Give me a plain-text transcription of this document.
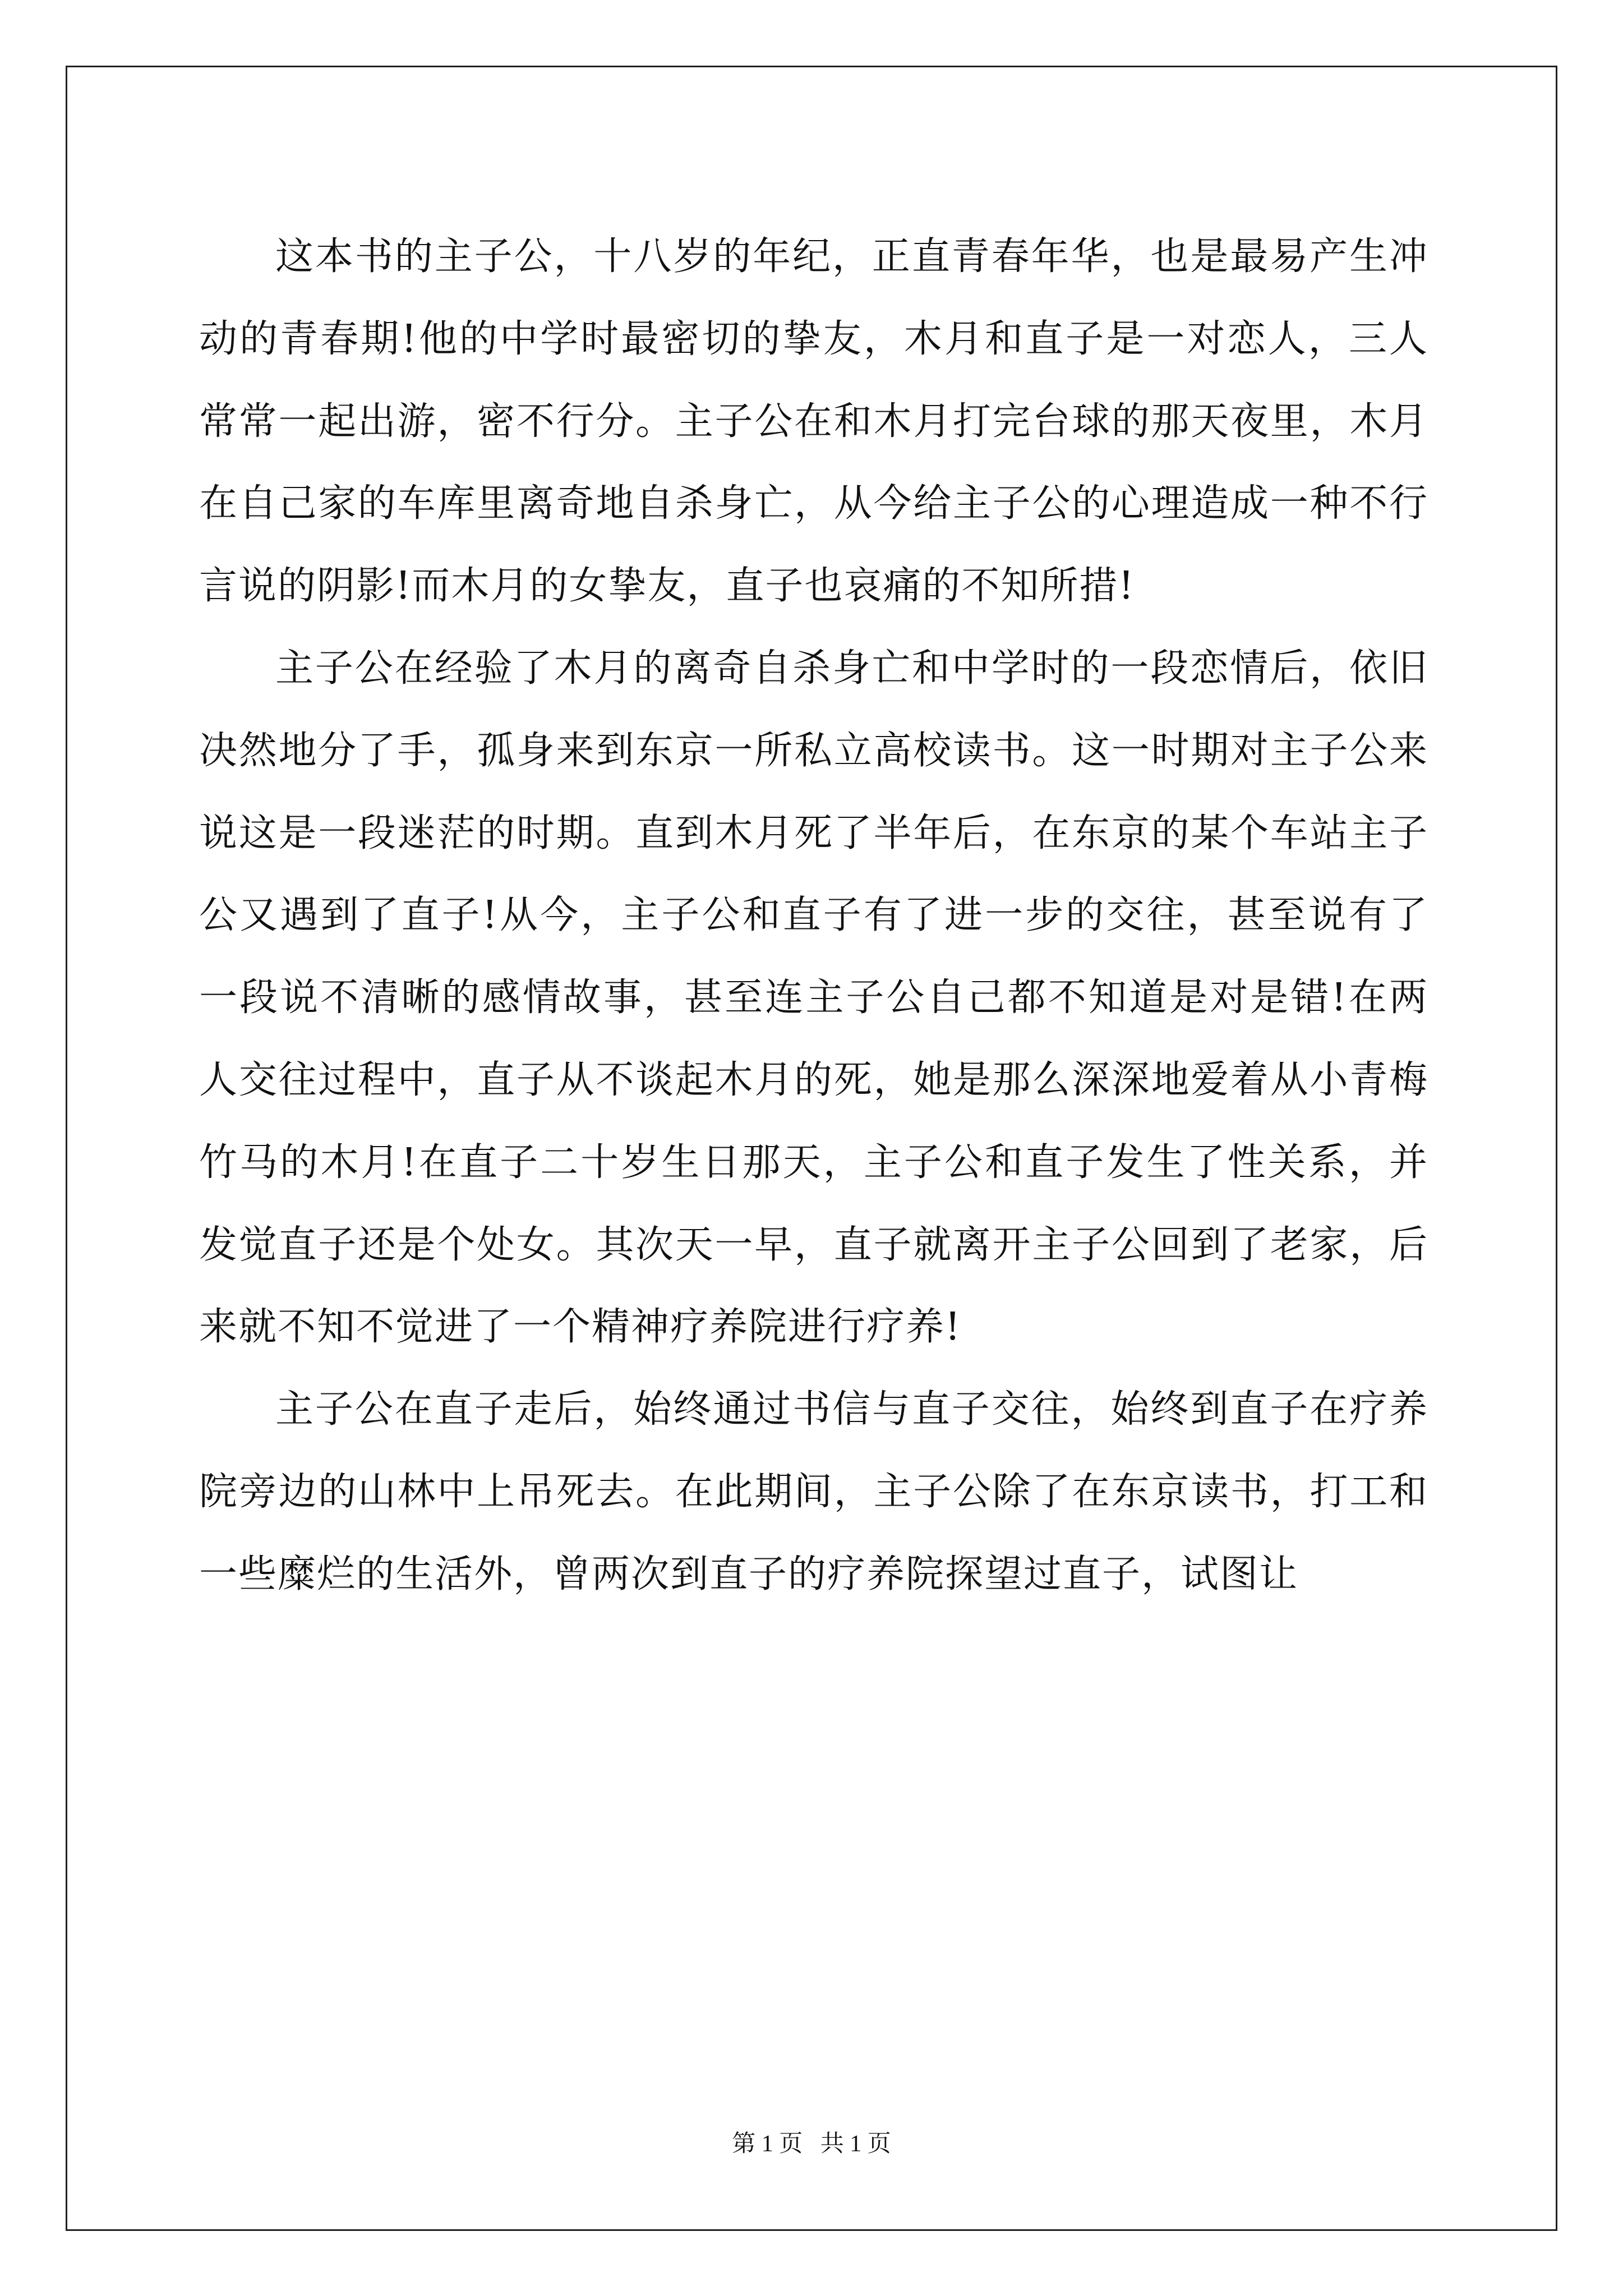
这本书的主子公，十八岁的年纪，正直青春年华，也是最易产生冲动的青春期!他的中学时最密切的挚友，木月和直子是一对恋人，三人常常一起出游，密不行分。主子公在和木月打完台球的那天夜里，木月在自己家的车库里离奇地自杀身亡，从今给主子公的心理造成一种不行言说的阴影!而木月的女挚友，直子也哀痛的不知所措!

主子公在经验了木月的离奇自杀身亡和中学时的一段恋情后，依旧决然地分了手，孤身来到东京一所私立高校读书。这一时期对主子公来说这是一段迷茫的时期。直到木月死了半年后，在东京的某个车站主子公又遇到了直子!从今，主子公和直子有了进一步的交往，甚至说有了一段说不清晰的感情故事，甚至连主子公自己都不知道是对是错!在两人交往过程中，直子从不谈起木月的死，她是那么深深地爱着从小青梅竹马的木月!在直子二十岁生日那天，主子公和直子发生了性关系，并发觉直子还是个处女。其次天一早，直子就离开主子公回到了老家，后来就不知不觉进了一个精神疗养院进行疗养!

主子公在直子走后，始终通过书信与直子交往，始终到直子在疗养院旁边的山林中上吊死去。在此期间，主子公除了在东京读书，打工和一些糜烂的生活外，曾两次到直子的疗养院探望过直子，试图让

第 1 页   共 1 页
